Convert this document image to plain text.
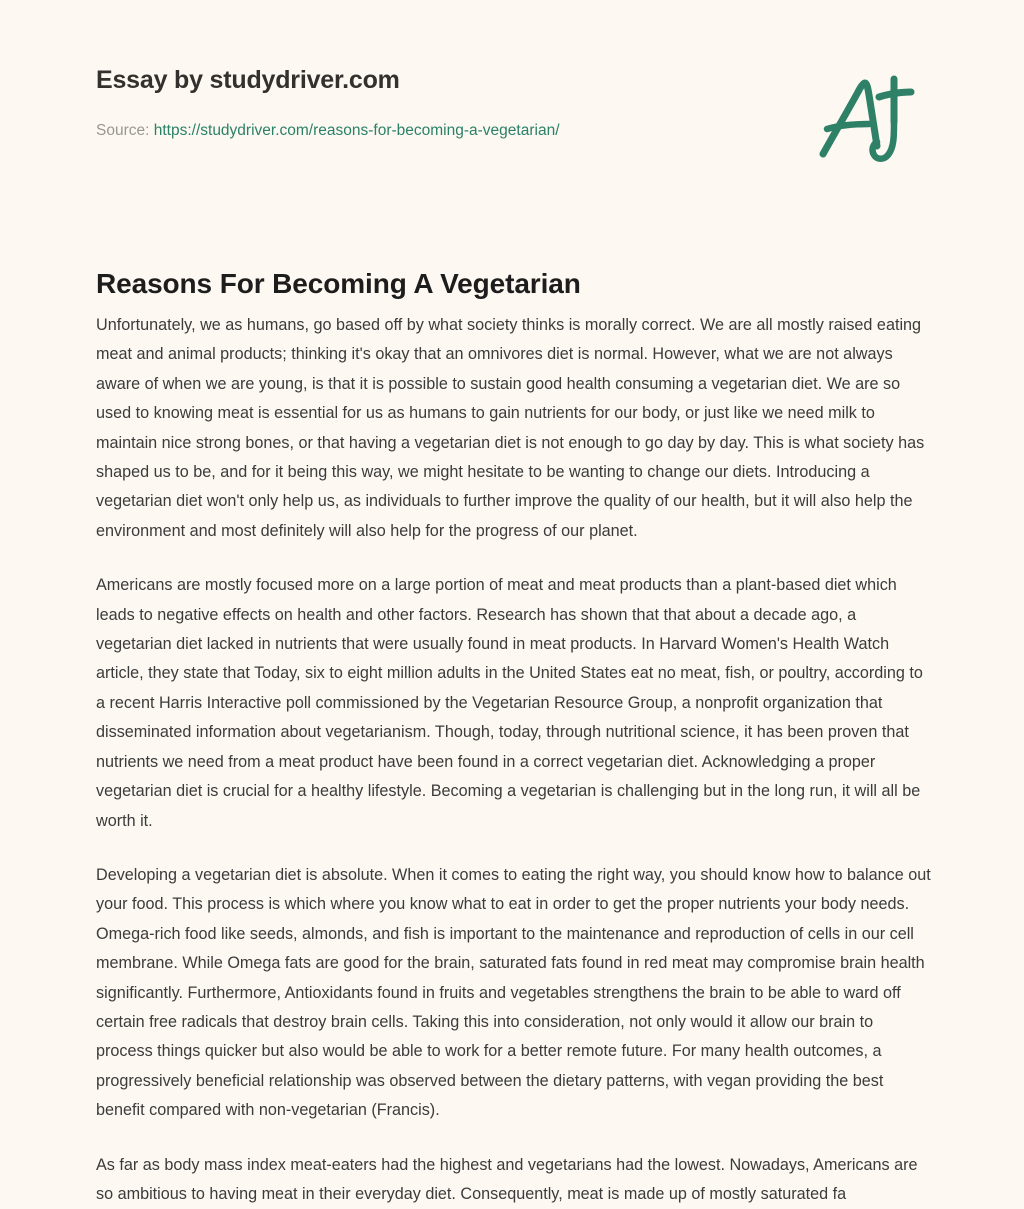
Essay by studydriver.com
Source: https://studydriver.com/reasons-for-becoming-a-vegetarian/
Reasons For Becoming A Vegetarian

Unfortunately, we as humans, go based off by what society thinks is morally correct. We are all mostly raised eating meat and animal products; thinking it's okay that an omnivores diet is normal. However, what we are not always aware of when we are young, is that it is possible to sustain good health consuming a vegetarian diet. We are so used to knowing meat is essential for us as humans to gain nutrients for our body, or just like we need milk to maintain nice strong bones, or that having a vegetarian diet is not enough to go day by day. This is what society has shaped us to be, and for it being this way, we might hesitate to be wanting to change our diets. Introducing a vegetarian diet won't only help us, as individuals to further improve the quality of our health, but it will also help the environment and most definitely will also help for the progress of our planet.

Americans are mostly focused more on a large portion of meat and meat products than a plant-based diet which leads to negative effects on health and other factors. Research has shown that that about a decade ago, a vegetarian diet lacked in nutrients that were usually found in meat products. In Harvard Women's Health Watch article, they state that Today, six to eight million adults in the United States eat no meat, fish, or poultry, according to a recent Harris Interactive poll commissioned by the Vegetarian Resource Group, a nonprofit organization that disseminated information about vegetarianism. Though, today, through nutritional science, it has been proven that nutrients we need from a meat product have been found in a correct vegetarian diet. Acknowledging a proper vegetarian diet is crucial for a healthy lifestyle. Becoming a vegetarian is challenging but in the long run, it will all be worth it.

Developing a vegetarian diet is absolute. When it comes to eating the right way, you should know how to balance out your food. This process is which where you know what to eat in order to get the proper nutrients your body needs. Omega-rich food like seeds, almonds, and fish is important to the maintenance and reproduction of cells in our cell membrane. While Omega fats are good for the brain, saturated fats found in red meat may compromise brain health significantly. Furthermore, Antioxidants found in fruits and vegetables strengthens the brain to be able to ward off certain free radicals that destroy brain cells. Taking this into consideration, not only would it allow our brain to process things quicker but also would be able to work for a better remote future. For many health outcomes, a progressively beneficial relationship was observed between the dietary patterns, with vegan providing the best benefit compared with non-vegetarian (Francis).

As far as body mass index meat-eaters had the highest and vegetarians had the lowest. Nowadays, Americans are so ambitious to having meat in their everyday diet. Consequently, meat is made up of mostly saturated fa
